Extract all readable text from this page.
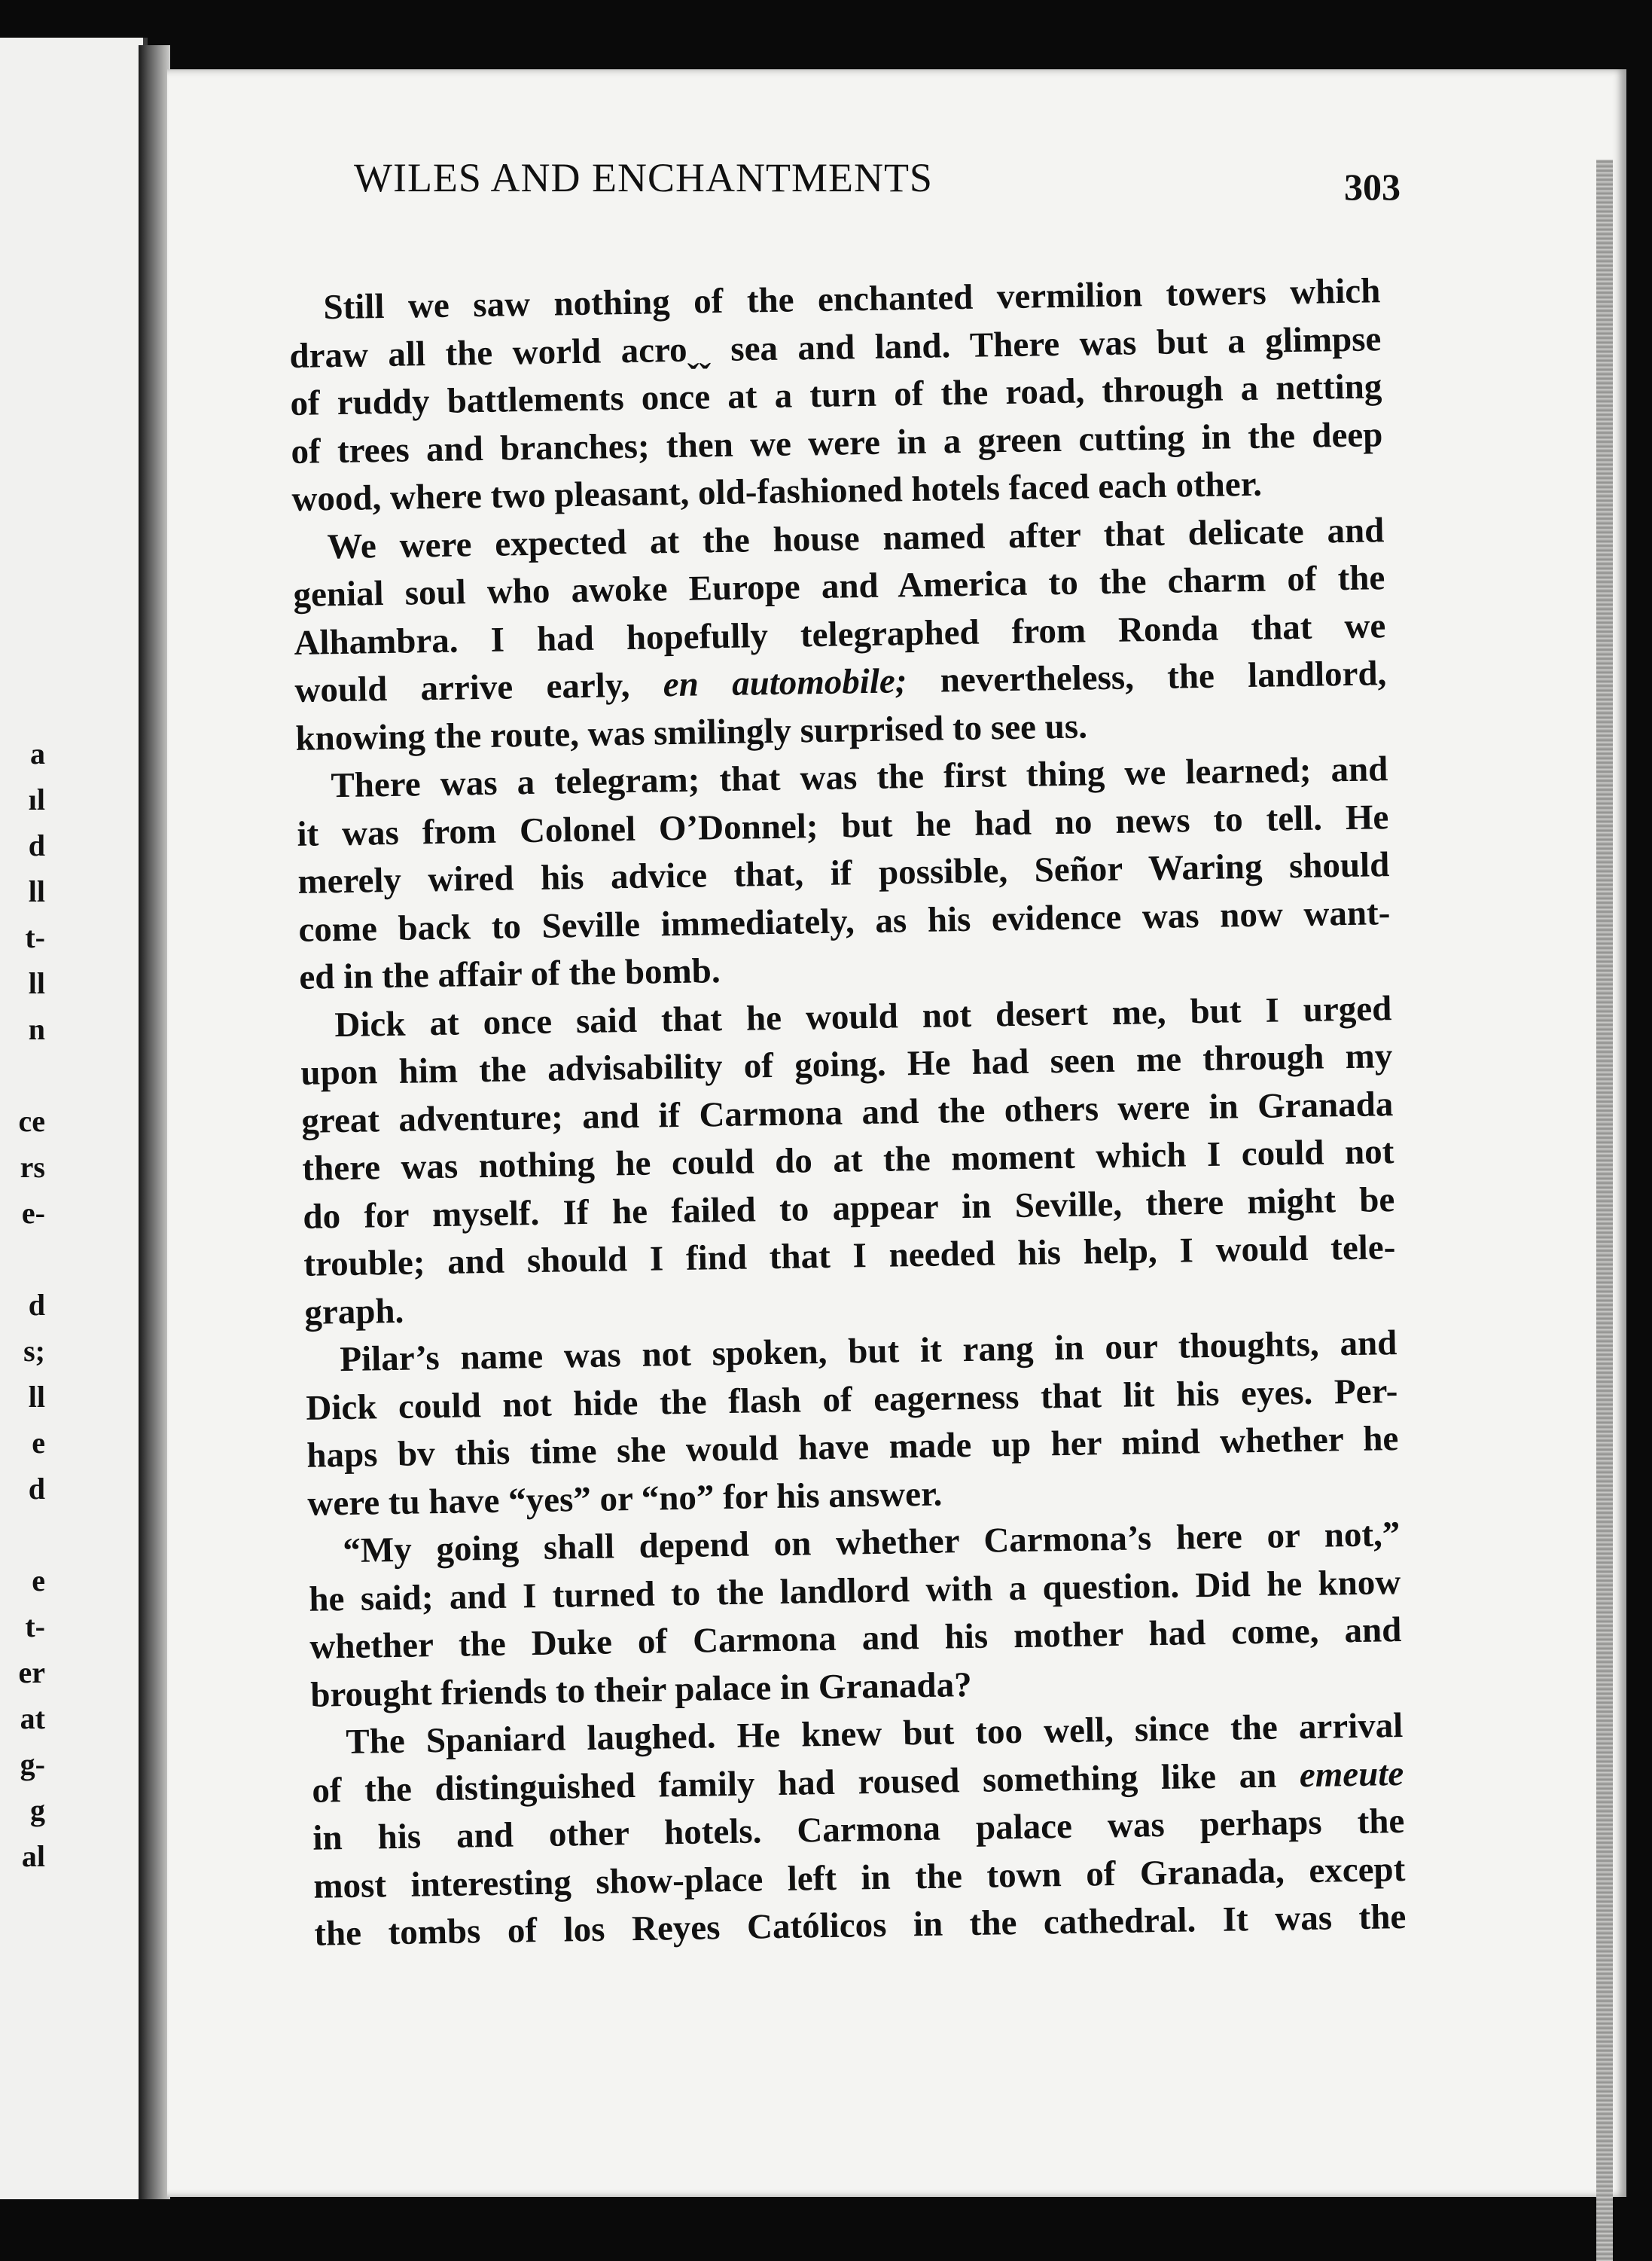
a
ıl
d
ll
t-
ll
n
ce
rs
e-
d
s;
ll
e
d
e
t-
er
at
g-
g
al
WILES AND ENCHANTMENTS	303

Still we saw nothing of the enchanted vermilion towers which
draw all the world acroˬˬ sea and land. There was but a glimpse
of ruddy battlements once at a turn of the road, through a netting
of trees and branches; then we were in a green cutting in the deep
wood, where two pleasant, old-fashioned hotels faced each other.

We were expected at the house named after that delicate and
genial soul who awoke Europe and America to the charm of the
Alhambra. I had hopefully telegraphed from Ronda that we
would arrive early, en automobile; nevertheless, the landlord,
knowing the route, was smilingly surprised to see us.

There was a telegram; that was the first thing we learned; and
it was from Colonel O’Donnel; but he had no news to tell. He
merely wired his advice that, if possible, Señor Waring should
come back to Seville immediately, as his evidence was now want-
ed in the affair of the bomb.

Dick at once said that he would not desert me, but I urged
upon him the advisability of going. He had seen me through my
great adventure; and if Carmona and the others were in Granada
there was nothing he could do at the moment which I could not
do for myself. If he failed to appear in Seville, there might be
trouble; and should I find that I needed his help, I would tele-
graph.

Pilar’s name was not spoken, but it rang in our thoughts, and
Dick could not hide the flash of eagerness that lit his eyes. Per-
haps bv this time she would have made up her mind whether he
were tu have “yes” or “no” for his answer.

“My going shall depend on whether Carmona’s here or not,”
he said; and I turned to the landlord with a question. Did he know
whether the Duke of Carmona and his mother had come, and
brought friends to their palace in Granada?

The Spaniard laughed. He knew but too well, since the arrival
of the distinguished family had roused something like an emeute
in his and other hotels. Carmona palace was perhaps the
most interesting show-place left in the town of Granada, except
the tombs of los Reyes Católicos in the cathedral. It was the
